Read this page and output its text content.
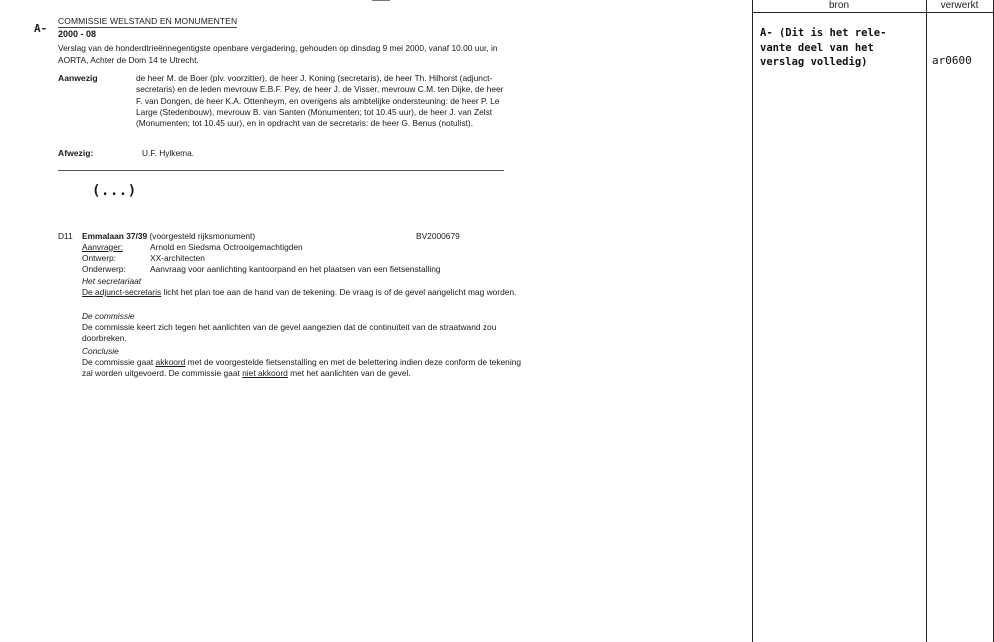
A-
COMMISSIE WELSTAND EN MONUMENTEN
2000 - 08
Verslag van de honderdtrieënnegentigste openbare vergadering, gehouden op dinsdag 9 mei 2000, vanaf 10.00 uur, in AORTA, Achter de Dom 14 te Utrecht.
Aanwezig	de heer M. de Boer (plv. voorzitter), de heer J. Koning (secretaris), de heer Th. Hilhorst (adjunct-secretaris) en de leden mevrouw E.B.F. Pey, de heer J. de Visser, mevrouw C.M. ten Dijke, de heer F. van Dongen, de heer K.A. Ottenheym, en overigens als ambtelijke ondersteuning: de heer P. Le Large (Stedenbouw), mevrouw B. van Santen (Monumenten; tot 10.45 uur), de heer J. van Zelst (Monumenten; tot 10.45 uur), en in opdracht van de secretaris: de heer G. Benus (notulist).
Afwezig:	U.F. Hylkema.
(...)
D11 Emmalaan 37/39 (voorgesteld rijksmonument)	BV2000679
Aanvrager:	Arnold en Siedsma Octrooigemachtigden
Ontwerp:	XX-architecten
Onderwerp:	Aanvraag voor aanlichting kantoorpand en het plaatsen van een fietsenstalling
Het secretariaat
De adjunct-secretaris licht het plan toe aan de hand van de tekening. De vraag is of de gevel aangelicht mag worden.
De commissie
De commissie keert zich tegen het aanlichten van de gevel aangezien dat de continuïteit van de straatwand zou doorbreken.
Conclusie
De commissie gaat akkoord met de voorgestelde fietsenstalling en met de belettering indien deze conform de tekening zal worden uitgevoerd. De commissie gaat niet akkoord met het aanlichten van de gevel.
bron	verwerkt
A- (Dit is het rele-
vante deel van het
verslag volledig)	ar0600
